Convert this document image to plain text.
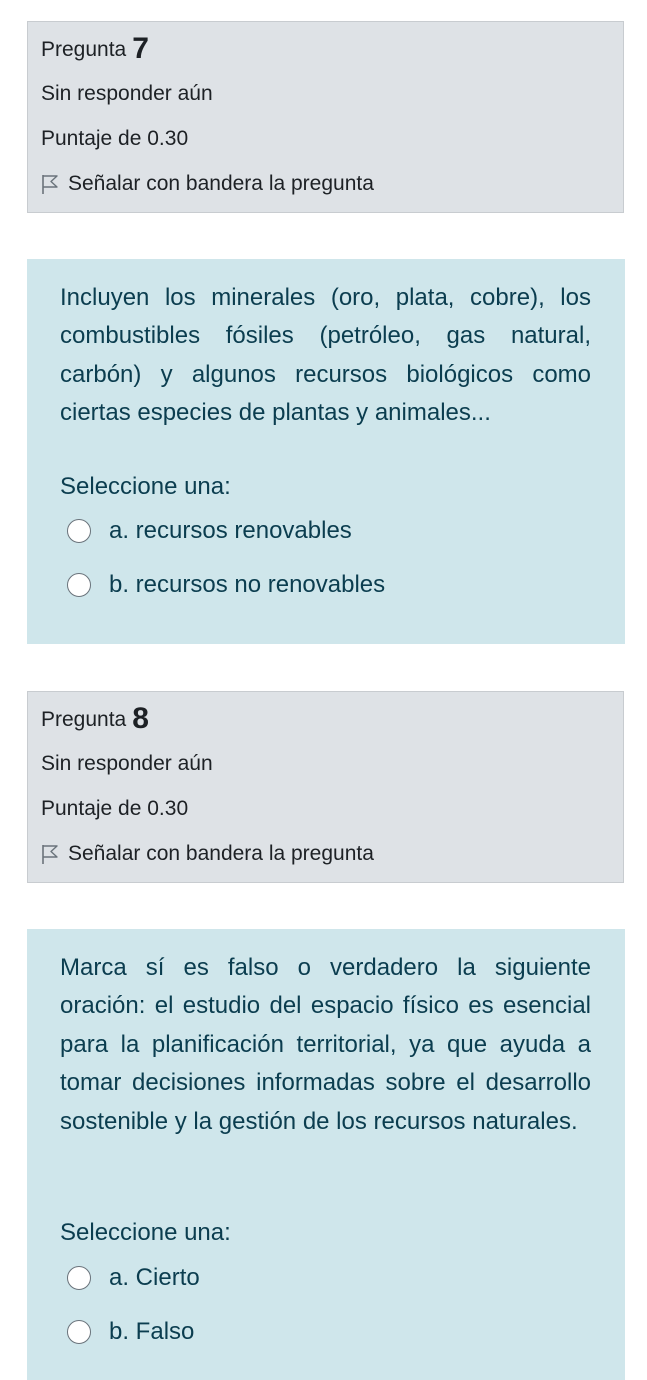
Pregunta 7
Sin responder aún
Puntaje de 0.30
Señalar con bandera la pregunta
Incluyen los minerales (oro, plata, cobre), los combustibles fósiles (petróleo, gas natural, carbón) y algunos recursos biológicos como ciertas especies de plantas y animales...
Seleccione una:
a. recursos renovables
b. recursos no renovables
Pregunta 8
Sin responder aún
Puntaje de 0.30
Señalar con bandera la pregunta
Marca sí es falso o verdadero la siguiente oración: el estudio del espacio físico es esencial para la planificación territorial, ya que ayuda a tomar decisiones informadas sobre el desarrollo sostenible y la gestión de los recursos naturales.
Seleccione una:
a. Cierto
b. Falso
